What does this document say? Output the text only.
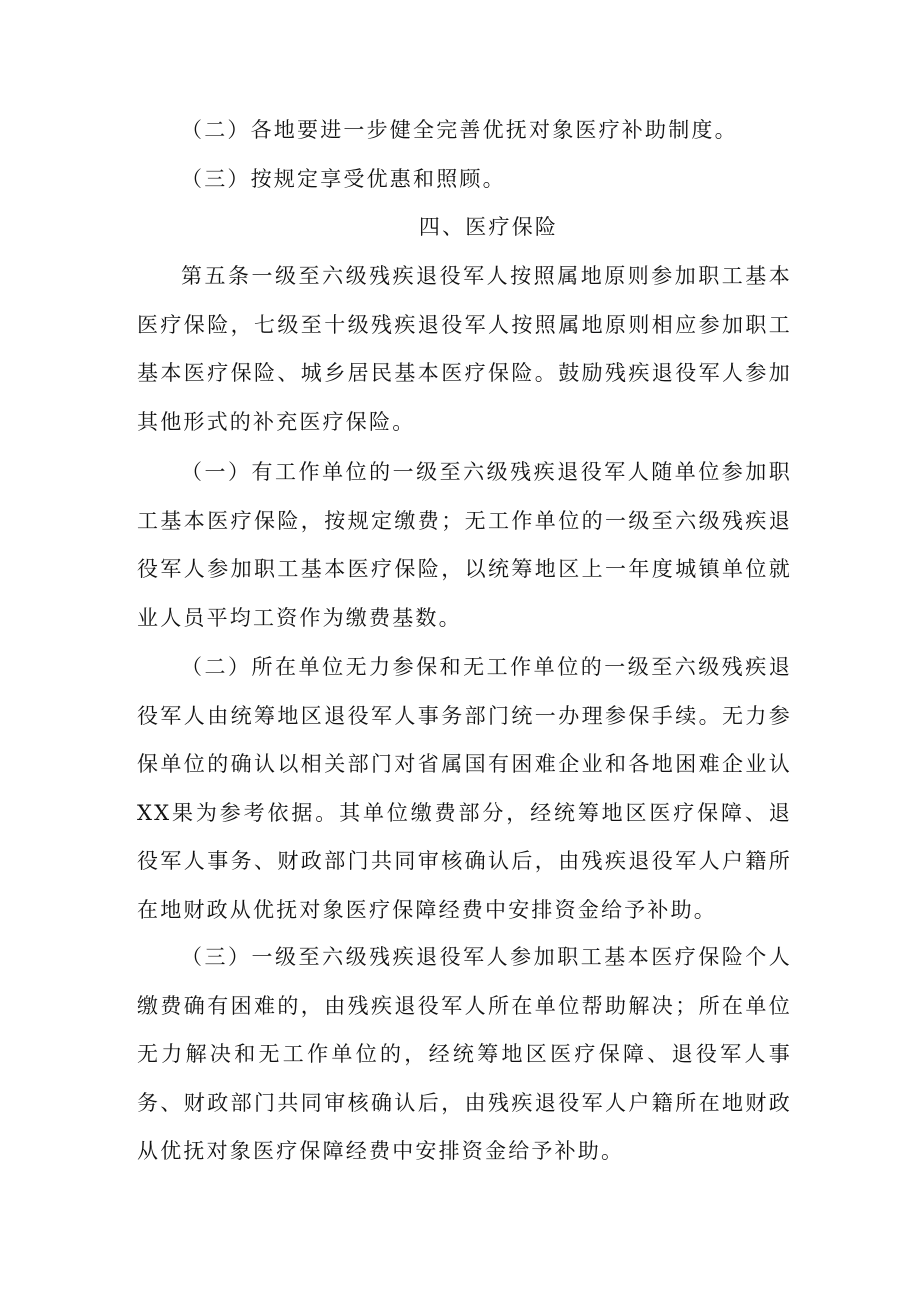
（二）各地要进一步健全完善优抚对象医疗补助制度。

（三）按规定享受优惠和照顾。

四、医疗保险

第五条一级至六级残疾退役军人按照属地原则参加职工基本医疗保险，七级至十级残疾退役军人按照属地原则相应参加职工基本医疗保险、城乡居民基本医疗保险。鼓励残疾退役军人参加其他形式的补充医疗保险。

（一）有工作单位的一级至六级残疾退役军人随单位参加职工基本医疗保险，按规定缴费；无工作单位的一级至六级残疾退役军人参加职工基本医疗保险，以统筹地区上一年度城镇单位就业人员平均工资作为缴费基数。

（二）所在单位无力参保和无工作单位的一级至六级残疾退役军人由统筹地区退役军人事务部门统一办理参保手续。无力参保单位的确认以相关部门对省属国有困难企业和各地困难企业认XX果为参考依据。其单位缴费部分，经统筹地区医疗保障、退役军人事务、财政部门共同审核确认后，由残疾退役军人户籍所在地财政从优抚对象医疗保障经费中安排资金给予补助。

（三）一级至六级残疾退役军人参加职工基本医疗保险个人缴费确有困难的，由残疾退役军人所在单位帮助解决；所在单位无力解决和无工作单位的，经统筹地区医疗保障、退役军人事务、财政部门共同审核确认后，由残疾退役军人户籍所在地财政从优抚对象医疗保障经费中安排资金给予补助。
